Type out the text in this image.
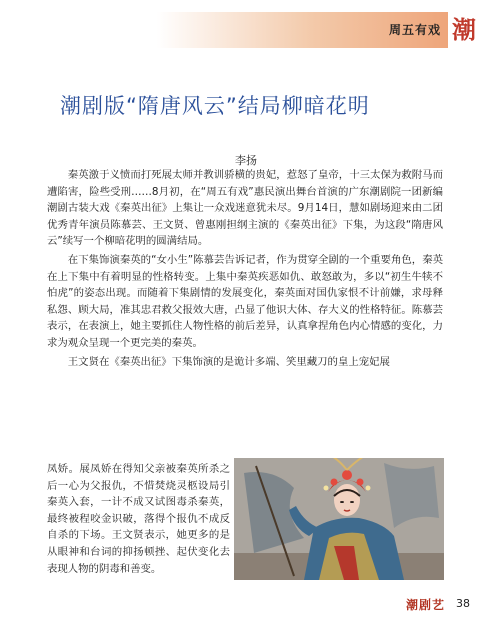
周五有戏 潮
潮剧版“隋唐风云”结局柳暗花明
李扬

秦英激于义愤而打死展太师并教训骄横的贵妃，惹怒了皇帝，十三太保为救附马而遭陷害，险些受刑……8月初，在“周五有戏”惠民演出舞台首演的广东潮剧院一团新编潮剧古装大戏《秦英出征》上集让一众戏迷意犹未尽。9月14日，慧如剧场迎来由二团优秀青年演员陈慕芸、王文贤、曾惠刚担纲主演的《秦英出征》下集，为这段“隋唐风云”续写一个柳暗花明的圆满结局。

在下集饰演秦英的“女小生”陈慕芸告诉记者，作为贯穿全剧的一个重要角色，秦英在上下集中有着明显的性格转变。上集中秦英疾恶如仇、敢怒敢为，多以“初生牛犊不怕虎”的姿态出现。而随着下集剧情的发展变化，秦英面对国仇家恨不计前嫌，求母释私怨、顾大局，准其忠君救父报效大唐，凸显了他识大体、存大义的性格特征。陈慕芸表示，在表演上，她主要抓住人物性格的前后差异，认真拿捏角色内心情感的变化，力求为观众呈现一个更完美的秦英。

王文贤在《秦英出征》下集饰演的是诡计多端、笑里藏刀的皇上宠妃展

凤娇。展凤娇在得知父亲被秦英所杀之后一心为父报仇，不惜焚烧灵柩设局引秦英入套，一计不成又试图毒杀秦英，最终被程咬金识破，落得个报仇不成反自杀的下场。王文贤表示，她更多的是从眼神和台词的抑扬顿挫、起伏变化去表现人物的阴毒和善变。

潮剧艺 38
